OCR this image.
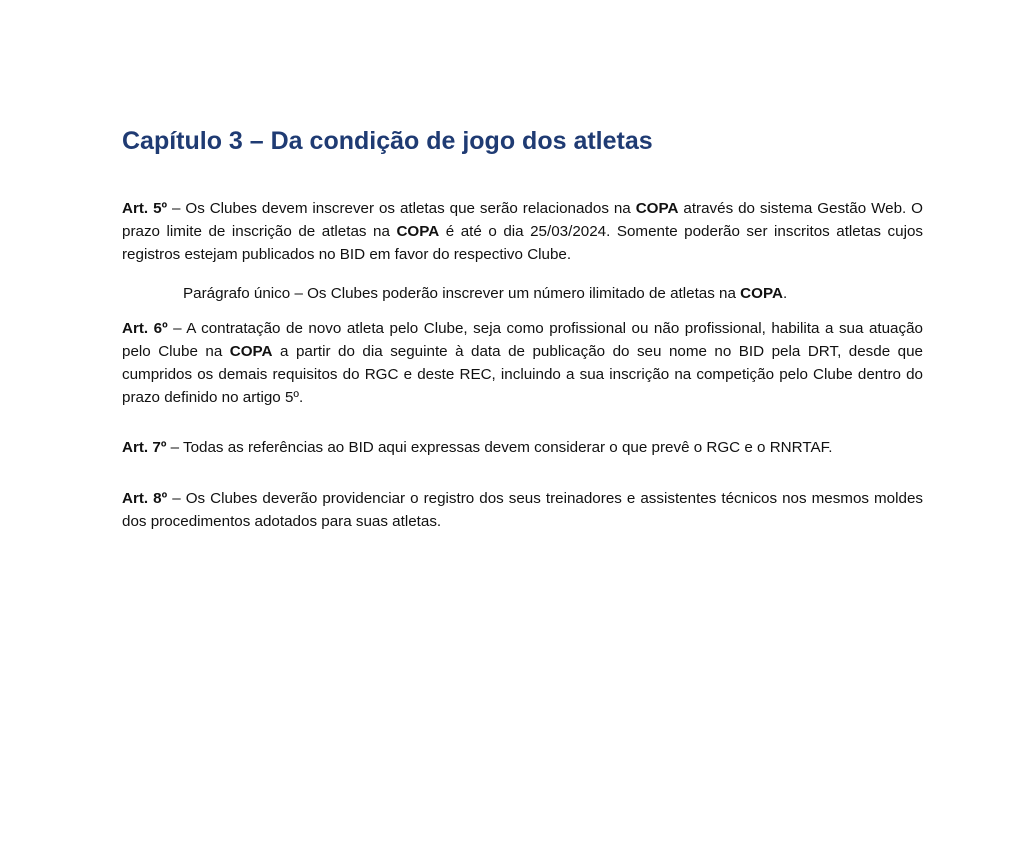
Capítulo 3 – Da condição de jogo dos atletas

Art. 5º – Os Clubes devem inscrever os atletas que serão relacionados na COPA através do sistema Gestão Web. O prazo limite de inscrição de atletas na COPA é até o dia 25/03/2024. Somente poderão ser inscritos atletas cujos registros estejam publicados no BID em favor do respectivo Clube.

Parágrafo único – Os Clubes poderão inscrever um número ilimitado de atletas na COPA.

Art. 6º – A contratação de novo atleta pelo Clube, seja como profissional ou não profissional, habilita a sua atuação pelo Clube na COPA a partir do dia seguinte à data de publicação do seu nome no BID pela DRT, desde que cumpridos os demais requisitos do RGC e deste REC, incluindo a sua inscrição na competição pelo Clube dentro do prazo definido no artigo 5º.

Art. 7º – Todas as referências ao BID aqui expressas devem considerar o que prevê o RGC e o RNRTAF.

Art. 8º – Os Clubes deverão providenciar o registro dos seus treinadores e assistentes técnicos nos mesmos moldes dos procedimentos adotados para suas atletas.
